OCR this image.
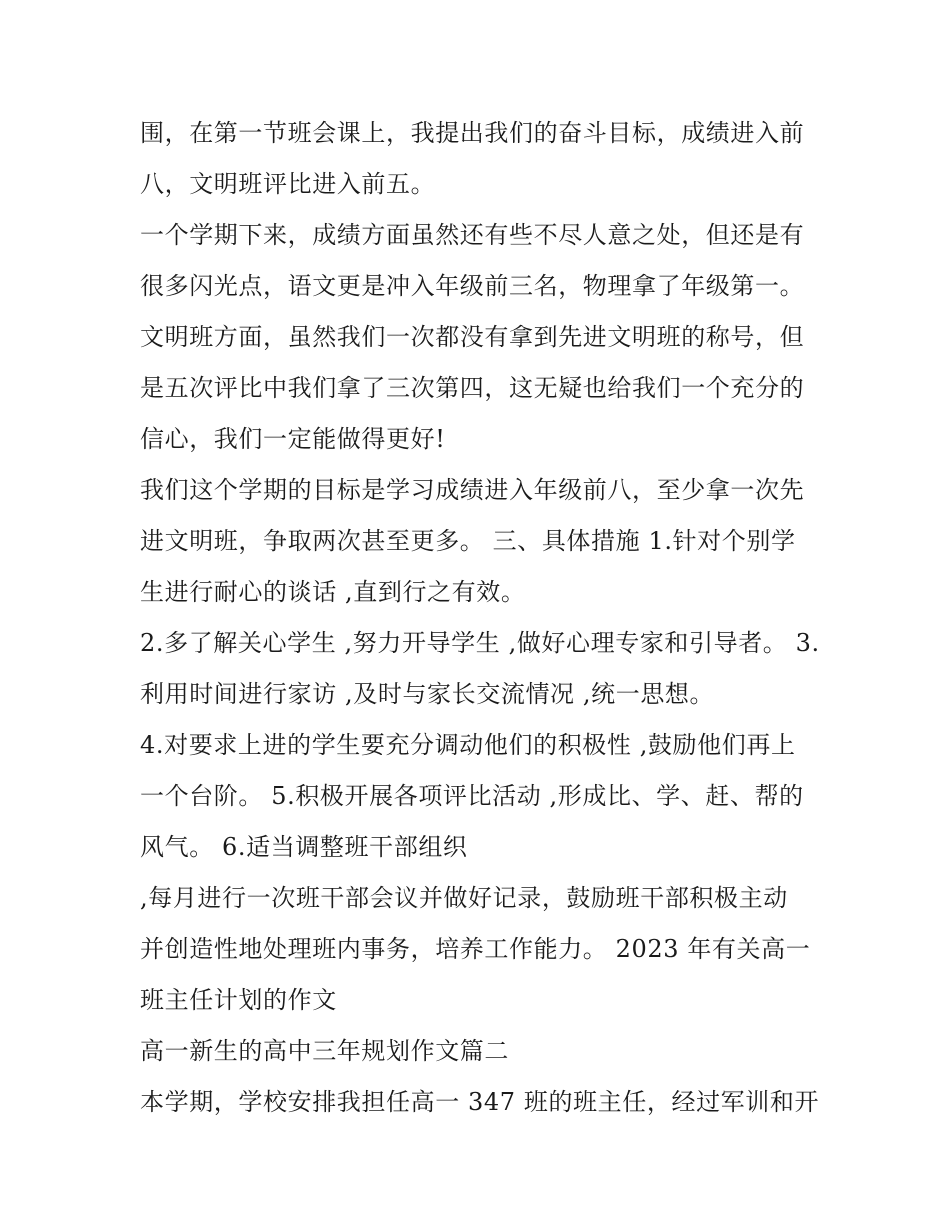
围，在第一节班会课上，我提出我们的奋斗目标，成绩进入前
八，文明班评比进入前五。
一个学期下来，成绩方面虽然还有些不尽人意之处，但还是有
很多闪光点，语文更是冲入年级前三名，物理拿了年级第一。
文明班方面，虽然我们一次都没有拿到先进文明班的称号，但
是五次评比中我们拿了三次第四，这无疑也给我们一个充分的
信心，我们一定能做得更好!
我们这个学期的目标是学习成绩进入年级前八，至少拿一次先
进文明班，争取两次甚至更多。 三、具体措施 1.针对个别学
生进行耐心的谈话 ,直到行之有效。
2.多了解关心学生 ,努力开导学生 ,做好心理专家和引导者。 3.
利用时间进行家访 ,及时与家长交流情况 ,统一思想。
4.对要求上进的学生要充分调动他们的积极性 ,鼓励他们再上
一个台阶。 5.积极开展各项评比活动 ,形成比、学、赶、帮的
风气。 6.适当调整班干部组织
,每月进行一次班干部会议并做好记录，鼓励班干部积极主动
并创造性地处理班内事务，培养工作能力。 2023 年有关高一
班主任计划的作文
高一新生的高中三年规划作文篇二
本学期，学校安排我担任高一 347 班的班主任，经过军训和开
